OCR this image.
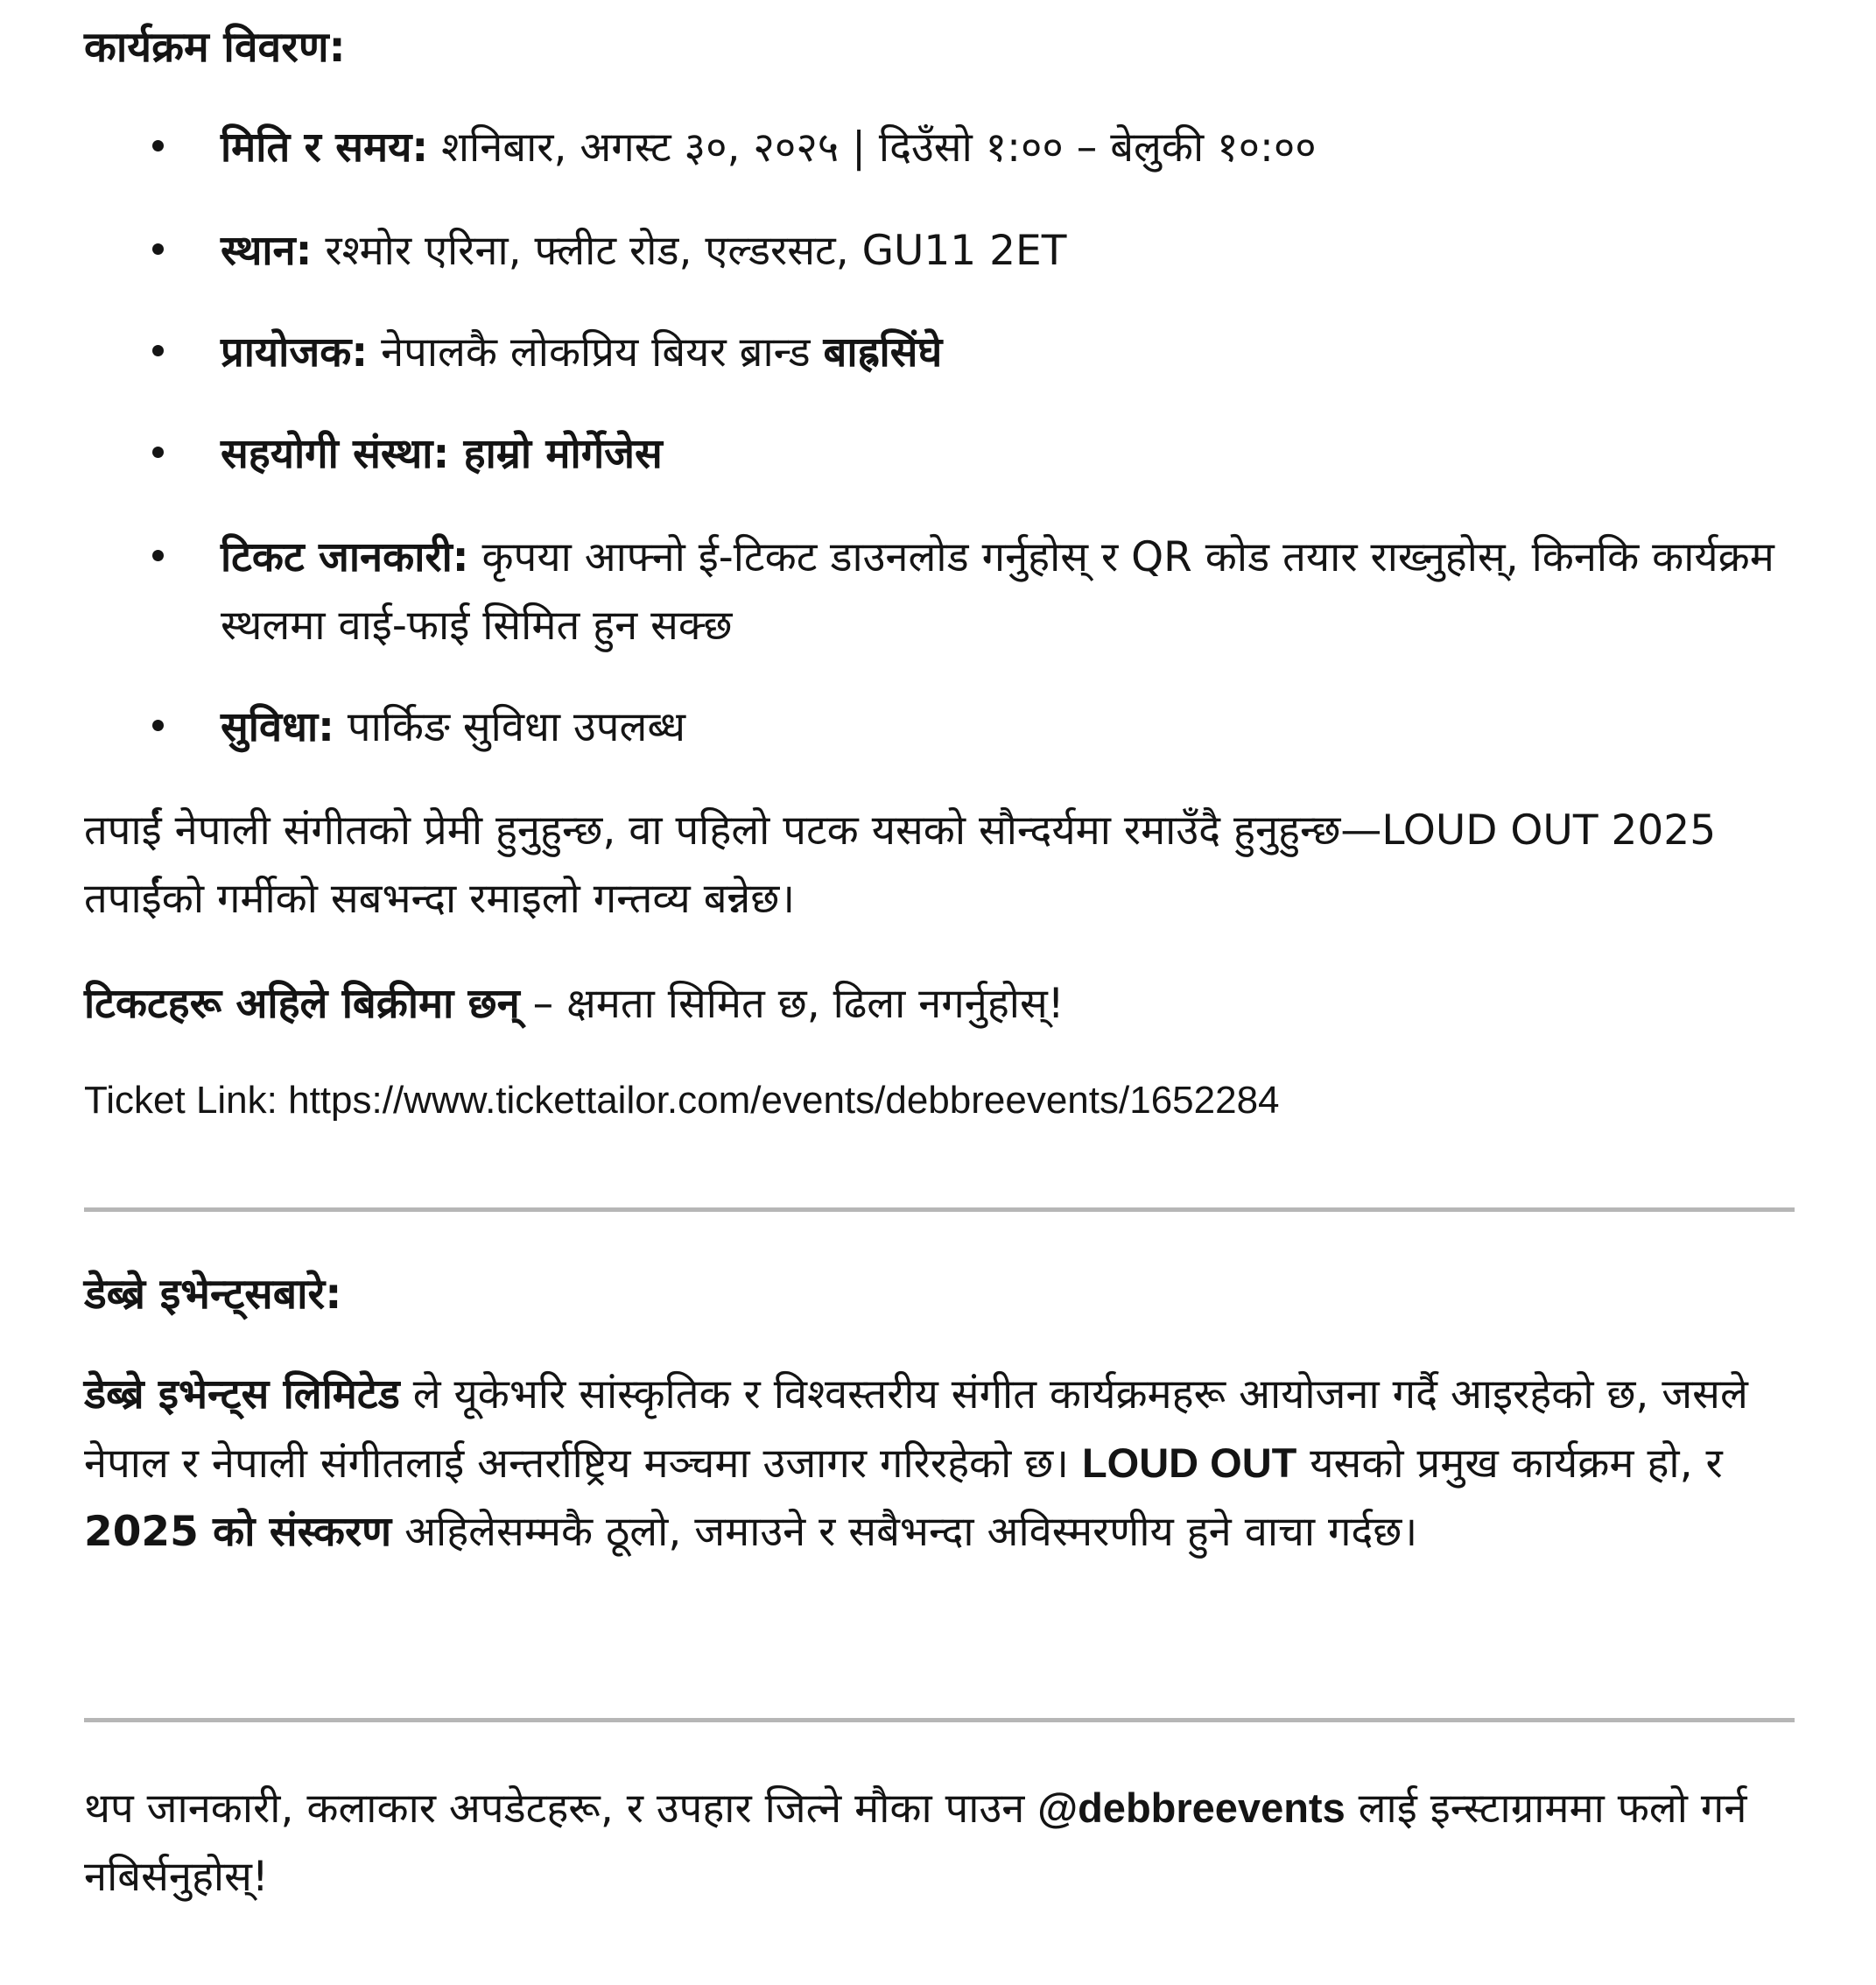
कार्यक्रम विवरण:
मिति र समय: शनिबार, अगस्ट ३०, २०२५ | दिउँसो १:०० – बेलुकी १०:००
स्थान: रश्मोर एरिना, फ्लीट रोड, एल्डरसट, GU11 2ET
प्रायोजक: नेपालकै लोकप्रिय बियर ब्रान्ड बाह्रसिंघे
सहयोगी संस्था: हाम्रो मोर्गेजेस
टिकट जानकारी: कृपया आफ्नो ई-टिकट डाउनलोड गर्नुहोस् र QR कोड तयार राख्नुहोस्, किनकि कार्यक्रम स्थलमा वाई-फाई सिमित हुन सक्छ
सुविधा: पार्किङ सुविधा उपलब्ध

तपाईं नेपाली संगीतको प्रेमी हुनुहुन्छ, वा पहिलो पटक यसको सौन्दर्यमा रमाउँदै हुनुहुन्छ—LOUD OUT 2025 तपाईंको गर्मीको सबभन्दा रमाइलो गन्तव्य बन्नेछ।

टिकटहरू अहिले बिक्रीमा छन् – क्षमता सिमित छ, ढिला नगर्नुहोस्!

Ticket Link: https://www.tickettailor.com/events/debbreevents/1652284

डेब्ब्रे इभेन्ट्सबारे:

डेब्ब्रे इभेन्ट्स लिमिटेड ले यूकेभरि सांस्कृतिक र विश्वस्तरीय संगीत कार्यक्रमहरू आयोजना गर्दै आइरहेको छ, जसले नेपाल र नेपाली संगीतलाई अन्तर्राष्ट्रिय मञ्चमा उजागर गरिरहेको छ। LOUD OUT यसको प्रमुख कार्यक्रम हो, र 2025 को संस्करण अहिलेसम्मकै ठूलो, जमाउने र सबैभन्दा अविस्मरणीय हुने वाचा गर्दछ।

थप जानकारी, कलाकार अपडेटहरू, र उपहार जित्ने मौका पाउन @debbreevents लाई इन्स्टाग्राममा फलो गर्न नबिर्सनुहोस्!
